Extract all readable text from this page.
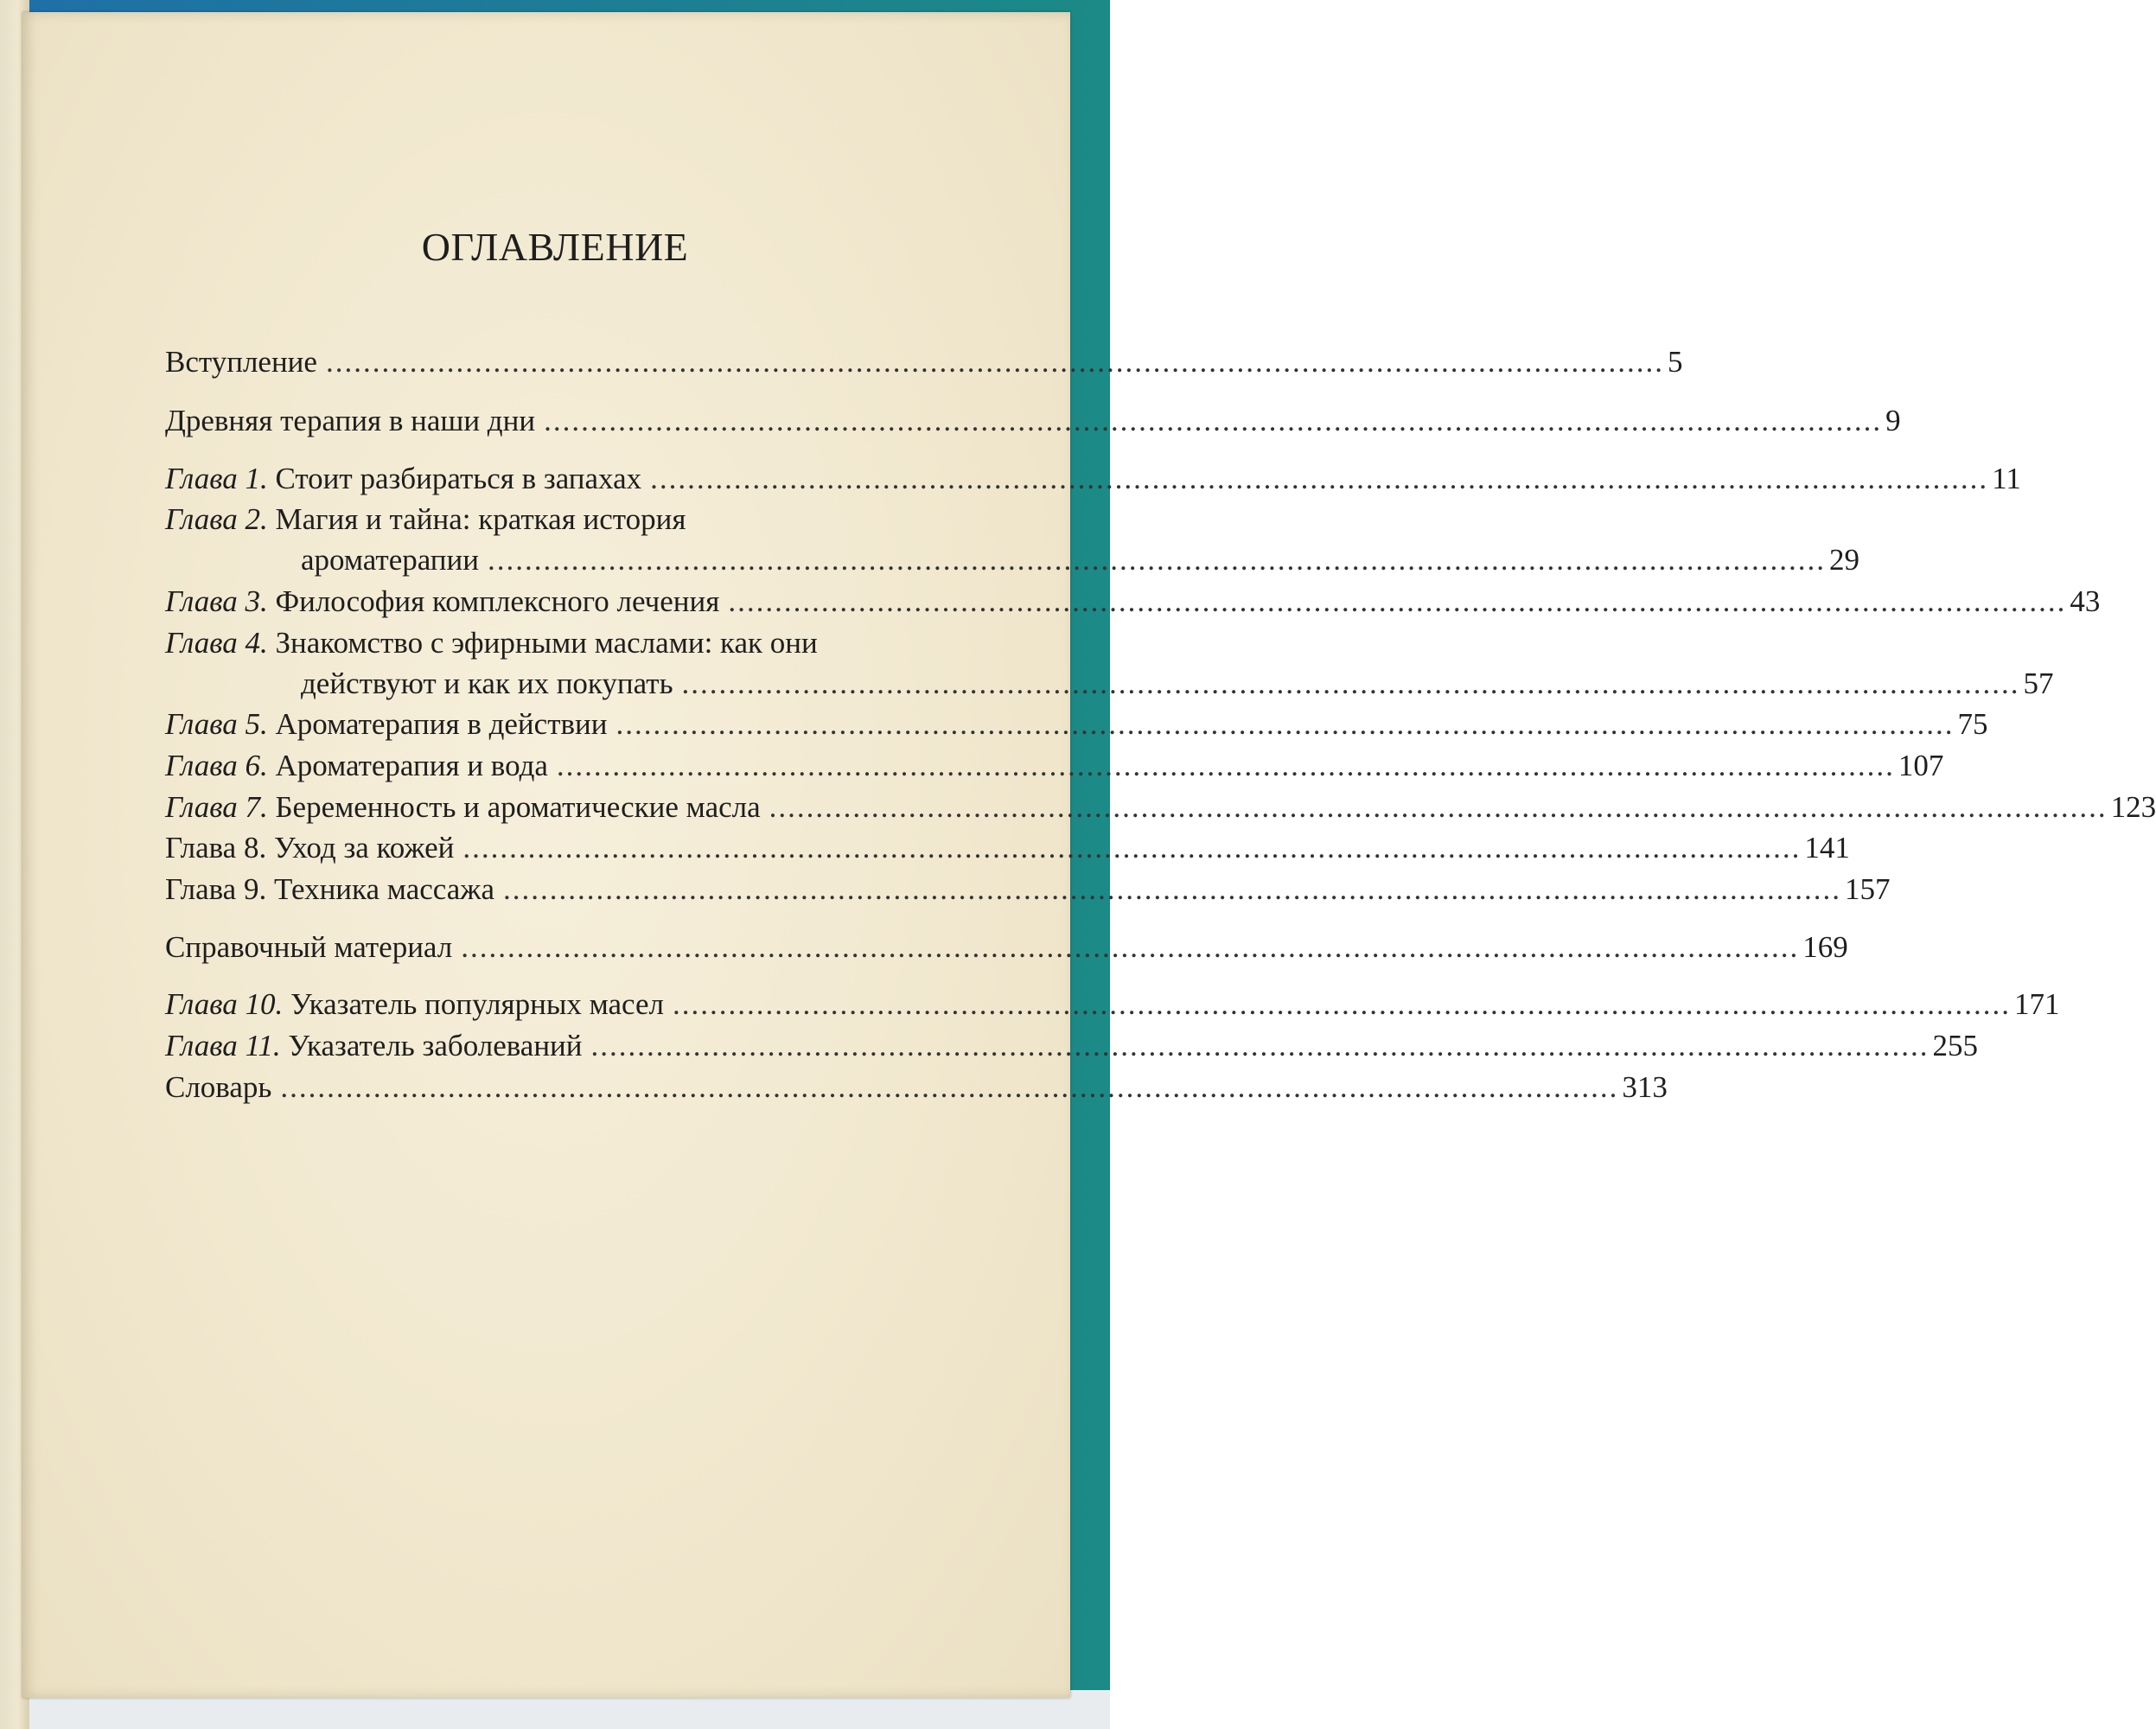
ОГЛАВЛЕНИЕ
Вступление ................................................................................................................................................ 5
Древняя терапия в наши дни ................................................................................................................................................ 9
Глава 1. Стоит разбираться в запахах ................................................................................................................................................ 11
Глава 2. Магия и тайна: краткая история
ароматерапии ................................................................................................................................................ 29
Глава 3. Философия комплексного лечения ................................................................................................................................................ 43
Глава 4. Знакомство с эфирными маслами: как они
действуют и как их покупать ................................................................................................................................................ 57
Глава 5. Ароматерапия в действии ................................................................................................................................................ 75
Глава 6. Ароматерапия и вода ................................................................................................................................................ 107
Глава 7. Беременность и ароматические масла ................................................................................................................................................ 123
Глава 8. Уход за кожей ................................................................................................................................................ 141
Глава 9. Техника массажа ................................................................................................................................................ 157
Справочный материал ................................................................................................................................................ 169
Глава 10. Указатель популярных масел ................................................................................................................................................ 171
Глава 11. Указатель заболеваний ................................................................................................................................................ 255
Словарь ................................................................................................................................................ 313
